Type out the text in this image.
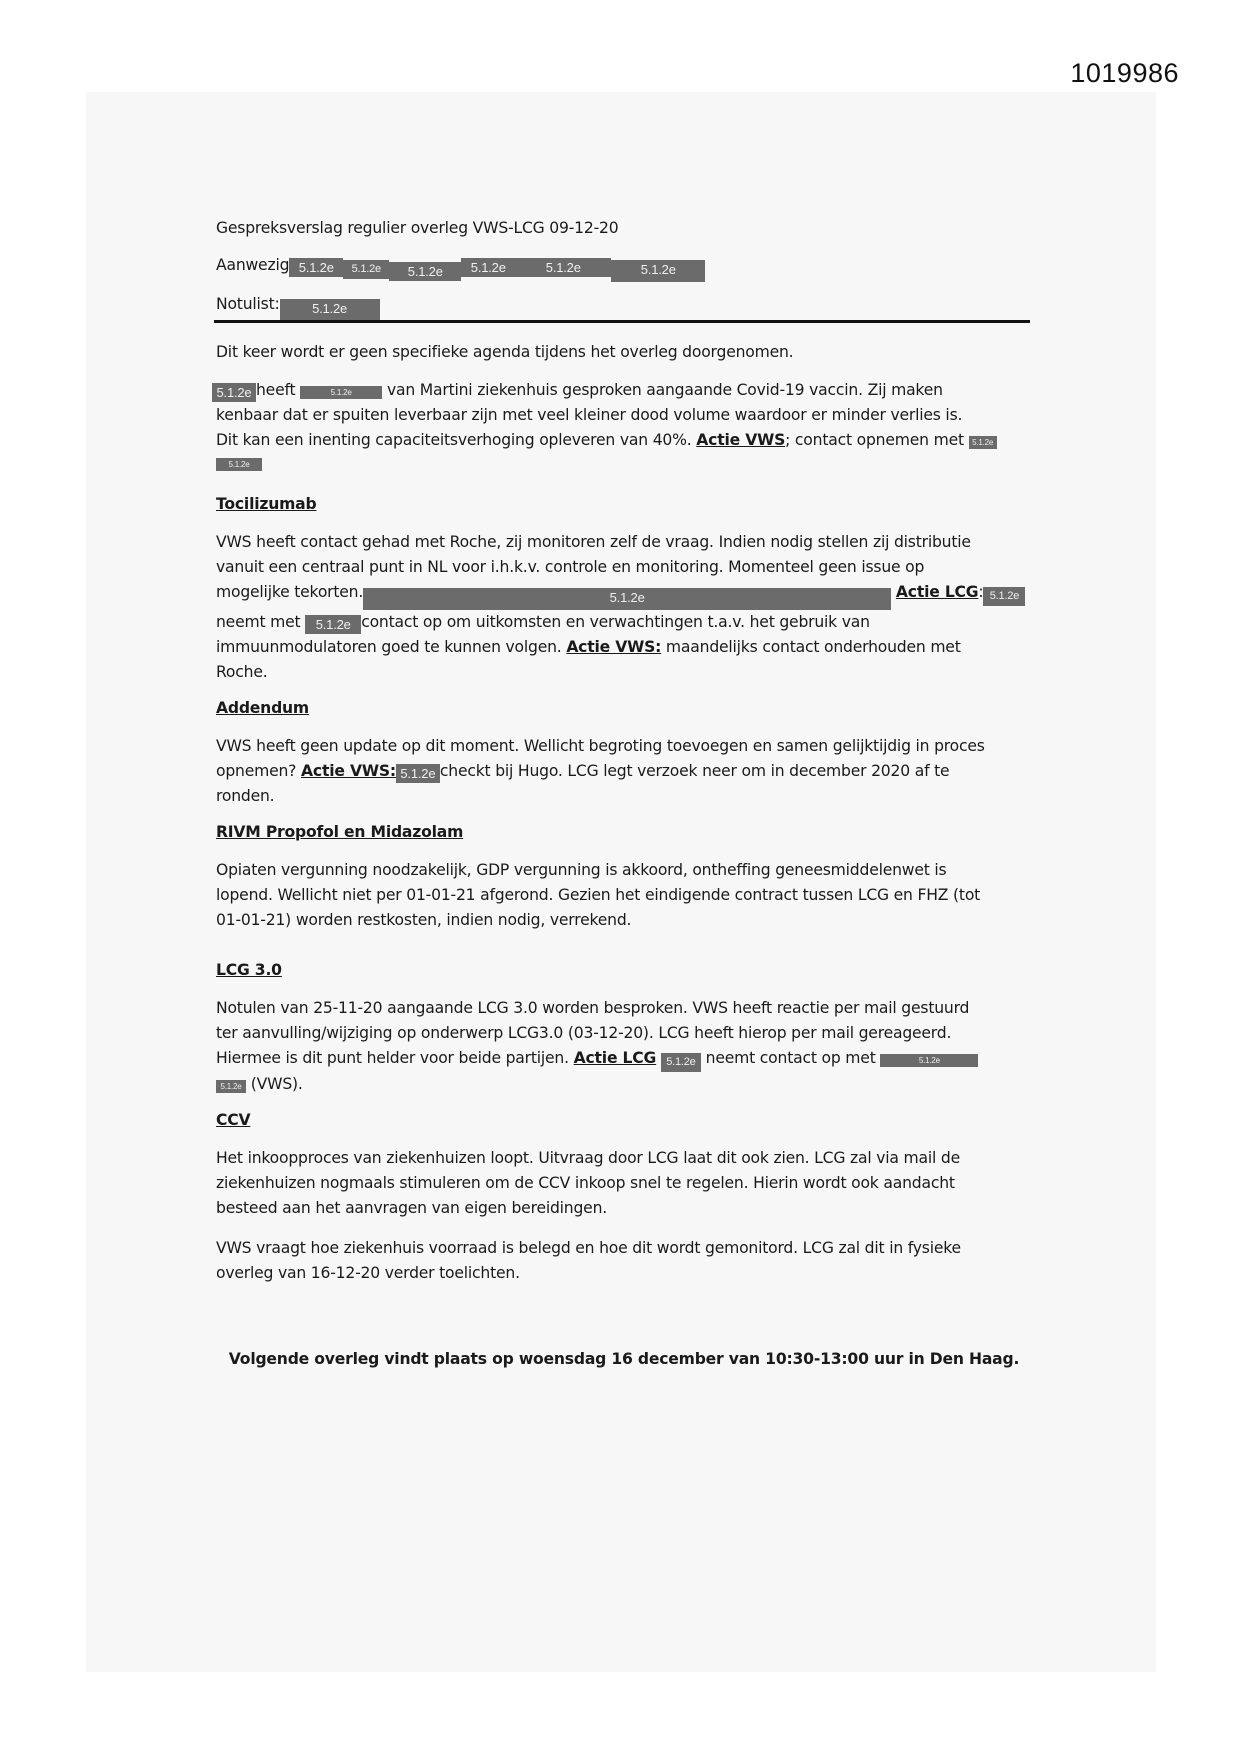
1019986
Gespreksverslag regulier overleg VWS-LCG 09-12-20
Aanwezig 5.1.2e 5.1.2e 5.1.2e 5.1.2e	5.1.2e	5.1.2e
Notulist:	5.1.2e
Dit keer wordt er geen specifieke agenda tijdens het overleg doorgenomen.
5.1.2e heeft	5.1.2e van Martini ziekenhuis gesproken aangaande Covid-19 vaccin. Zij maken
kenbaar dat er spuiten leverbaar zijn met veel kleiner dood volume waardoor er minder verlies is.
Dit kan een inenting capaciteitsverhoging opleveren van 40%. Actie VWS; contact opnemen met 5.1.2e
5.1.2e
Tocilizumab
VWS heeft contact gehad met Roche, zij monitoren zelf de vraag. Indien nodig stellen zij distributie
vanuit een centraal punt in NL voor i.h.k.v. controle en monitoring. Momenteel geen issue op
mogelijke tekorten.	5.1.2e	Actie LCG: 5.1.2e
neemt met 5.1.2e contact op om uitkomsten en verwachtingen t.a.v. het gebruik van
immuunmodulatoren goed te kunnen volgen. Actie VWS: maandelijks contact onderhouden met
Roche.
Addendum
VWS heeft geen update op dit moment. Wellicht begroting toevoegen en samen gelijktijdig in proces
opnemen? Actie VWS: 5.1.2e checkt bij Hugo. LCG legt verzoek neer om in december 2020 af te
ronden.
RIVM Propofol en Midazolam
Opiaten vergunning noodzakelijk, GDP vergunning is akkoord, ontheffing geneesmiddelenwet is
lopend. Wellicht niet per 01-01-21 afgerond. Gezien het eindigende contract tussen LCG en FHZ (tot
01-01-21) worden restkosten, indien nodig, verrekend.
LCG 3.0
Notulen van 25-11-20 aangaande LCG 3.0 worden besproken. VWS heeft reactie per mail gestuurd
ter aanvulling/wijziging op onderwerp LCG3.0 (03-12-20). LCG heeft hierop per mail gereageerd.
Hiermee is dit punt helder voor beide partijen. Actie LCG 5.1.2e neemt contact op met	5.1.2e
5.1.2e (VWS).
CCV
Het inkoopproces van ziekenhuizen loopt. Uitvraag door LCG laat dit ook zien. LCG zal via mail de
ziekenhuizen nogmaals stimuleren om de CCV inkoop snel te regelen. Hierin wordt ook aandacht
besteed aan het aanvragen van eigen bereidingen.
VWS vraagt hoe ziekenhuis voorraad is belegd en hoe dit wordt gemonitord. LCG zal dit in fysieke
overleg van 16-12-20 verder toelichten.
Volgende overleg vindt plaats op woensdag 16 december van 10:30-13:00 uur in Den Haag.
